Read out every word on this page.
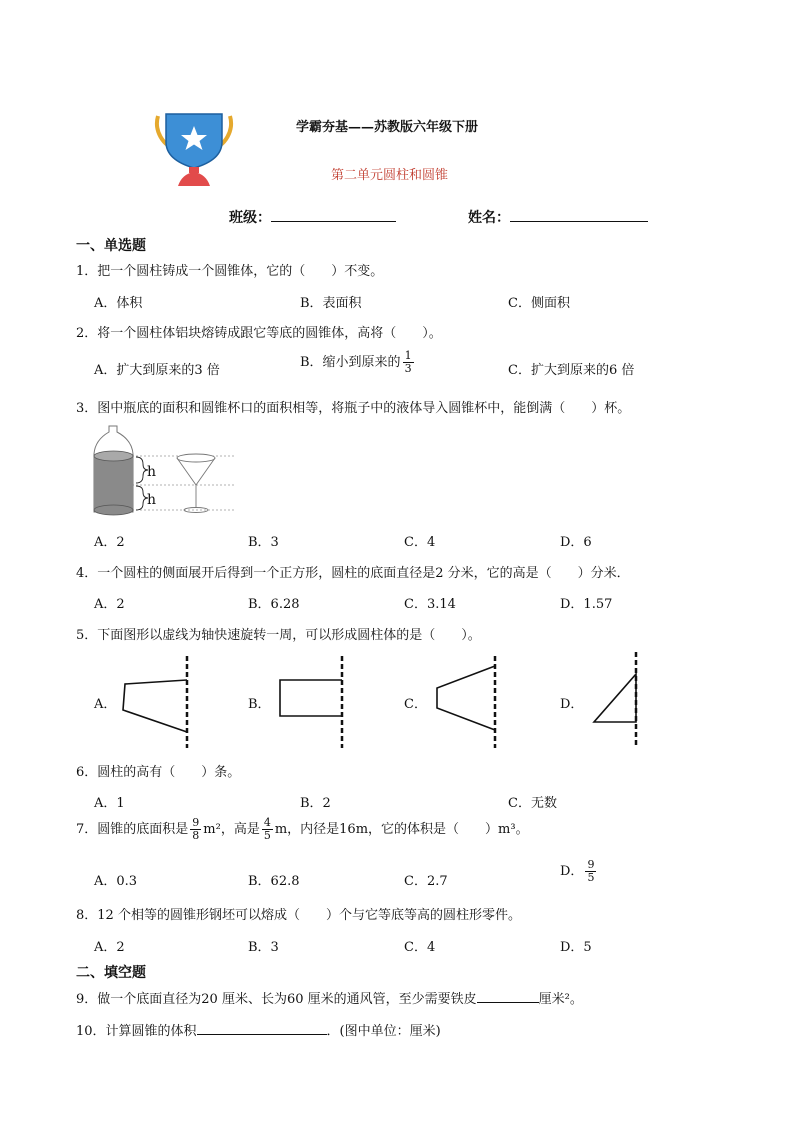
学霸夯基——苏教版六年级下册
第二单元圆柱和圆锥
班级：	姓名：
一、单选题
1．把一个圆柱铸成一个圆锥体，它的（　　）不变。
A．体积	B．表面积	C．侧面积
2．将一个圆柱体铝块熔铸成跟它等底的圆锥体，高将（　　）。
A．扩大到原来的3 倍
B．缩小到原来的 $\frac{1}{3}$	C．扩大到原来的6 倍
3．图中瓶底的面积和圆锥杯口的面积相等，将瓶子中的液体导入圆锥杯中，能倒满（　　）杯。
h
h
A．2	B．3	C．4	D．6
4．一个圆柱的侧面展开后得到一个正方形，圆柱的底面直径是2 分米，它的高是（　　）分米．
A．2	B．6.28	C．3.14	D．1.57
5．下面图形以虚线为轴快速旋转一周，可以形成圆柱体的是（　　）。
A．	B．	C．	D．
6．圆柱的高有（　　）条。
A．1	B．2	C．无数
7．圆锥的底面积是 $\frac{9}{8} m^2$，高是 $\frac{4}{5}$ m，内径是16m，它的体积是（　　）m³。
A．0.3	B．62.8	C．2.7
D． $\frac{9}{5}$
8．12 个相等的圆锥形钢坯可以熔成（　　）个与它等底等高的圆柱形零件。
A．2	B．3	C．4	D．5
二、填空题
9．做一个底面直径为20 厘米、长为60 厘米的通风管，至少需要铁皮	厘米²。
10．计算圆锥的体积	．(图中单位：厘米)
